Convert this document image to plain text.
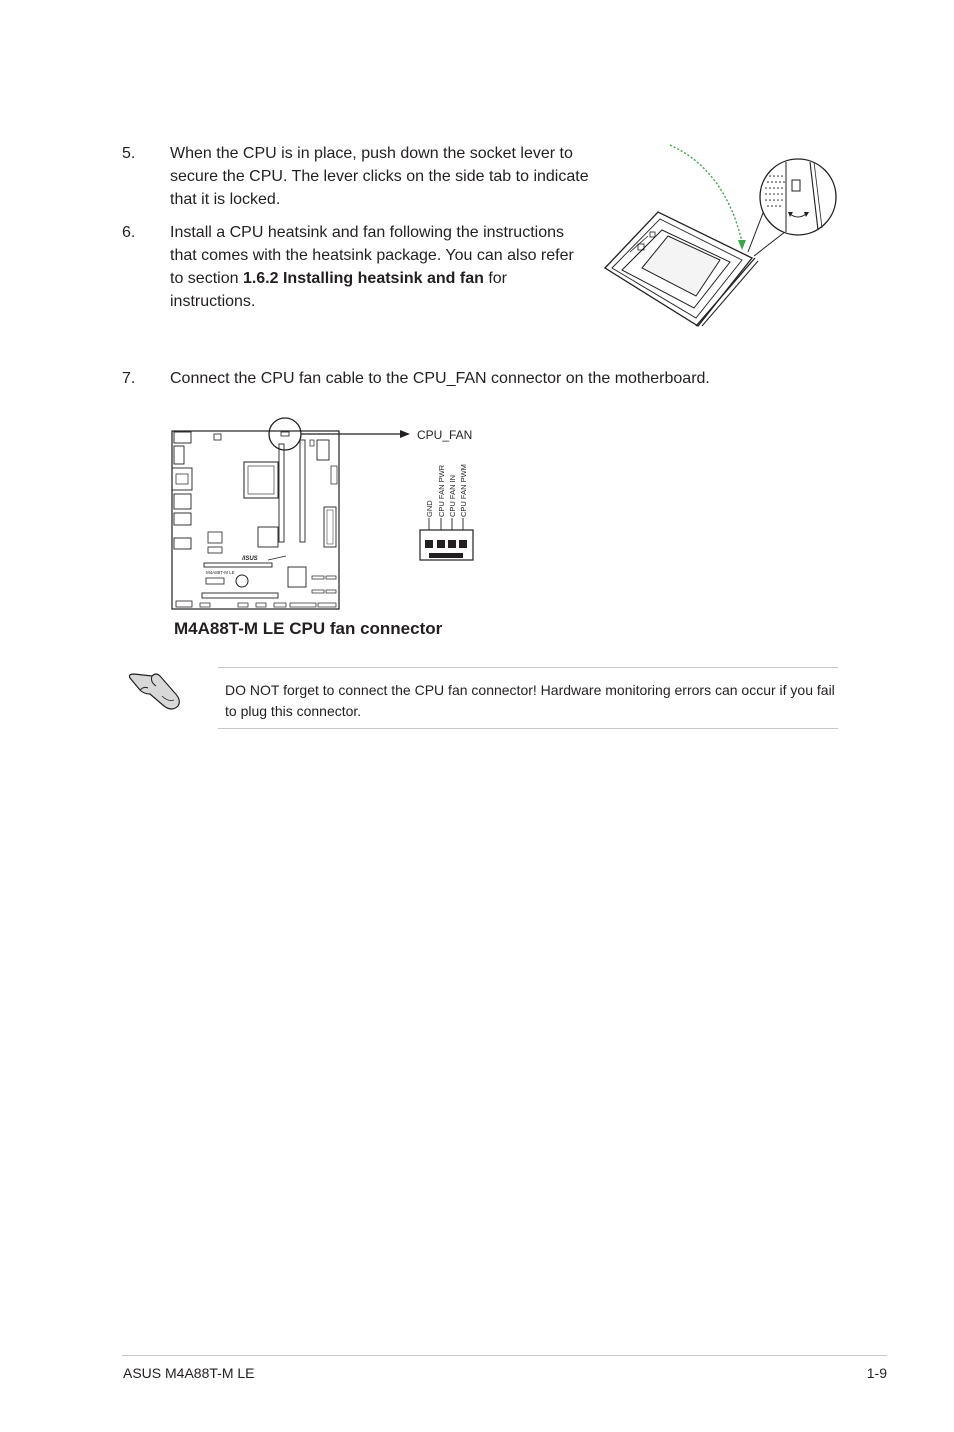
5.	When the CPU is in place, push down the socket lever to secure the CPU. The lever clicks on the side tab to indicate that it is locked.
6.	Install a CPU heatsink and fan following the instructions that comes with the heatsink package. You can also refer to section 1.6.2 Installing heatsink and fan for instructions.
7.	Connect the CPU fan cable to the CPU_FAN connector on the motherboard.
/ISUS
M4A88T-M LE
CPU_FAN
GND CPU FAN PWR CPU FAN IN CPU FAN PWM
M4A88T-M LE CPU fan connector
DO NOT forget to connect the CPU fan connector! Hardware monitoring errors can occur if you fail to plug this connector.
ASUS M4A88T-M LE	1-9
